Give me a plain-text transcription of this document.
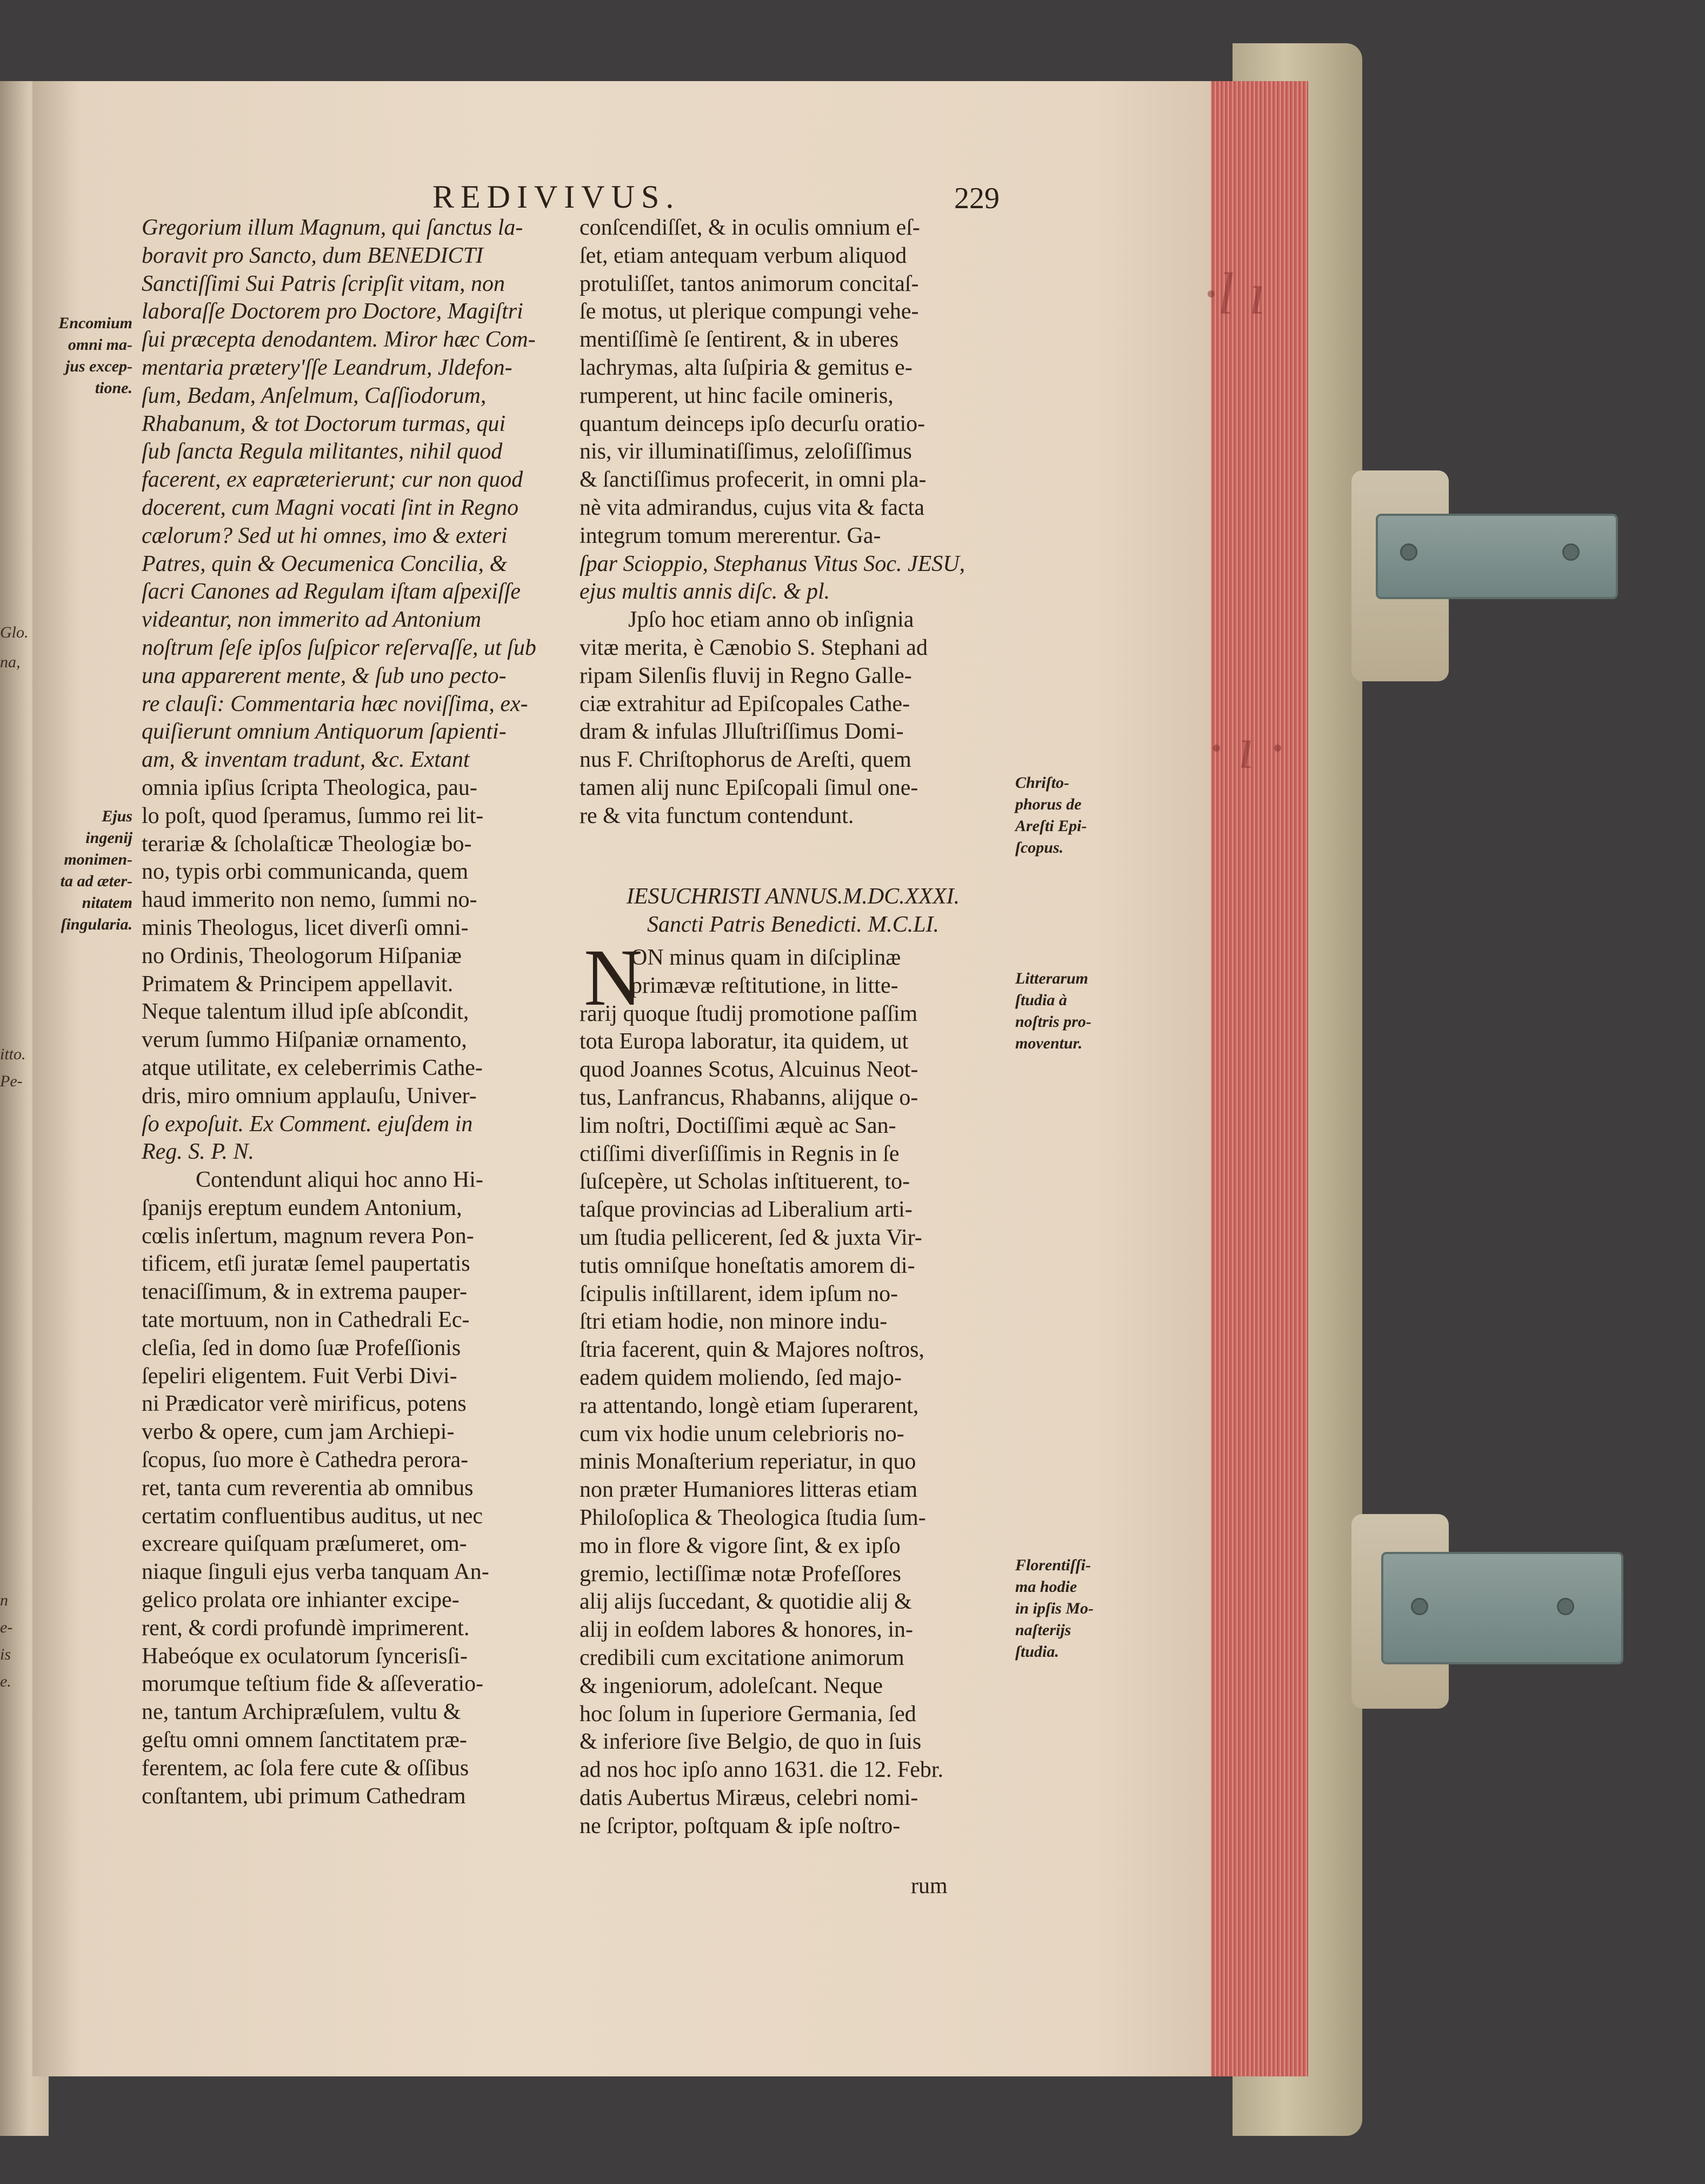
·l ı
· ı ·
Glo.
na,
itto.
Pe-
n
e-
is
e.
REDIVIVUS.	229
Encomium
omni ma-
jus excep-
tione.
Ejus ingenij
monimen-
ta ad æter-
nitatem
ſingularia.
Gregorium illum Magnum, qui ſanctus la-
boravit pro Sancto, dum BENEDICTI
Sanctiſſimi Sui Patris ſcripſit vitam, non
laboraſſe Doctorem pro Doctore, Magiſtri
ſui præcepta denodantem. Miror hæc Com-
mentaria prætery'ſſe Leandrum, Jldefon-
ſum, Bedam, Anſelmum, Caſſiodorum,
Rhabanum, & tot Doctorum turmas, qui
ſub ſancta Regula militantes, nihil quod
facerent, ex eapræterierunt; cur non quod
docerent, cum Magni vocati ſint in Regno
cælorum? Sed ut hi omnes, imo & exteri
Patres, quin & Oecumenica Concilia, &
ſacri Canones ad Regulam iſtam aſpexiſſe
videantur, non immerito ad Antonium
noſtrum ſeſe ipſos ſuſpicor reſervaſſe, ut ſub
una apparerent mente, & ſub uno pecto-
re clauſi: Commentaria hæc noviſſima, ex-
quiſierunt omnium Antiquorum ſapienti-
am, & inventam tradunt, &c. Extant
omnia ipſius ſcripta Theologica, pau-
lo poſt, quod ſperamus, ſummo rei lit-
terariæ & ſcholaſticæ Theologiæ bo-
no, typis orbi communicanda, quem
haud immerito non nemo, ſummi no-
minis Theologus, licet diverſi omni-
no Ordinis, Theologorum Hiſpaniæ
Primatem & Principem appellavit.
Neque talentum illud ipſe abſcondit,
verum ſummo Hiſpaniæ ornamento,
atque utilitate, ex celeberrimis Cathe-
dris, miro omnium applauſu, Univer-
ſo expoſuit. Ex Comment. ejuſdem in
Reg. S. P. N.
Contendunt aliqui hoc anno Hi-
ſpanijs ereptum eundem Antonium,
cœlis inſertum, magnum revera Pon-
tificem, etſi juratæ ſemel paupertatis
tenaciſſimum, & in extrema pauper-
tate mortuum, non in Cathedrali Ec-
cleſia, ſed in domo ſuæ Profeſſionis
ſepeliri eligentem. Fuit Verbi Divi-
ni Prædicator verè mirificus, potens
verbo & opere, cum jam Archiepi-
ſcopus, ſuo more è Cathedra perora-
ret, tanta cum reverentia ab omnibus
certatim confluentibus auditus, ut nec
excreare quiſquam præſumeret, om-
niaque ſinguli ejus verba tanquam An-
gelico prolata ore inhianter excipe-
rent, & cordi profundè imprimerent.
Habeóque ex oculatorum ſyncerisſi-
morumque teſtium fide & aſſeveratio-
ne, tantum Archipræſulem, vultu &
geſtu omni omnem ſanctitatem præ-
ferentem, ac ſola fere cute & oſſibus
conſtantem, ubi primum Cathedram
conſcendiſſet, & in oculis omnium eſ-
ſet, etiam antequam verbum aliquod
protuliſſet, tantos animorum concitaſ-
ſe motus, ut plerique compungi vehe-
mentiſſimè ſe ſentirent, & in uberes
lachrymas, alta ſuſpiria & gemitus e-
rumperent, ut hinc facile omineris,
quantum deinceps ipſo decurſu oratio-
nis, vir illuminatiſſimus, zeloſiſſimus
& ſanctiſſimus profecerit, in omni pla-
nè vita admirandus, cujus vita & facta
integrum tomum mererentur. Ga-
ſpar Scioppio, Stephanus Vitus Soc. JESU,
ejus multis annis diſc. & pl.
Jpſo hoc etiam anno ob inſignia
vitæ merita, è Cænobio S. Stephani ad
ripam Silenſis fluvij in Regno Galle-
ciæ extrahitur ad Epiſcopales Cathe-
dram & infulas Jlluſtriſſimus Domi-
nus F. Chriſtophorus de Areſti, quem
tamen alij nunc Epiſcopali ſimul one-
re & vita functum contendunt.
IESUCHRISTI ANNUS.M.DC.XXXI.
Sancti Patris Benedicti. M.C.LI.
N
ON minus quam in diſciplinæ
primævæ reſtitutione, in litte-
rarij quoque ſtudij promotione paſſim
tota Europa laboratur, ita quidem, ut
quod Joannes Scotus, Alcuinus Neot-
tus, Lanfrancus, Rhabanns, alijque o-
lim noſtri, Doctiſſimi æquè ac San-
ctiſſimi diverſiſſimis in Regnis in ſe
ſuſcepère, ut Scholas inſtituerent, to-
taſque provincias ad Liberalium arti-
um ſtudia pellicerent, ſed & juxta Vir-
tutis omniſque honeſtatis amorem di-
ſcipulis inſtillarent, idem ipſum no-
ſtri etiam hodie, non minore indu-
ſtria facerent, quin & Majores noſtros,
eadem quidem moliendo, ſed majo-
ra attentando, longè etiam ſuperarent,
cum vix hodie unum celebrioris no-
minis Monaſterium reperiatur, in quo
non præter Humaniores litteras etiam
Philoſoplica & Theologica ſtudia ſum-
mo in flore & vigore ſint, & ex ipſo
gremio, lectiſſimæ notæ Profeſſores
alij alijs ſuccedant, & quotidie alij &
alij in eoſdem labores & honores, in-
credibili cum excitatione animorum
& ingeniorum, adoleſcant. Neque
hoc ſolum in ſuperiore Germania, ſed
& inferiore ſive Belgio, de quo in ſuis
ad nos hoc ipſo anno 1631. die 12. Febr.
datis Aubertus Miræus, celebri nomi-
ne ſcriptor, poſtquam & ipſe noſtro-
rum
Chriſto-
phorus de
Areſti Epi-
ſcopus.
Litterarum
ſtudia à
noſtris pro-
moventur.
Florentiſſi-
ma hodie
in ipſis Mo-
naſterijs
ſtudia.
